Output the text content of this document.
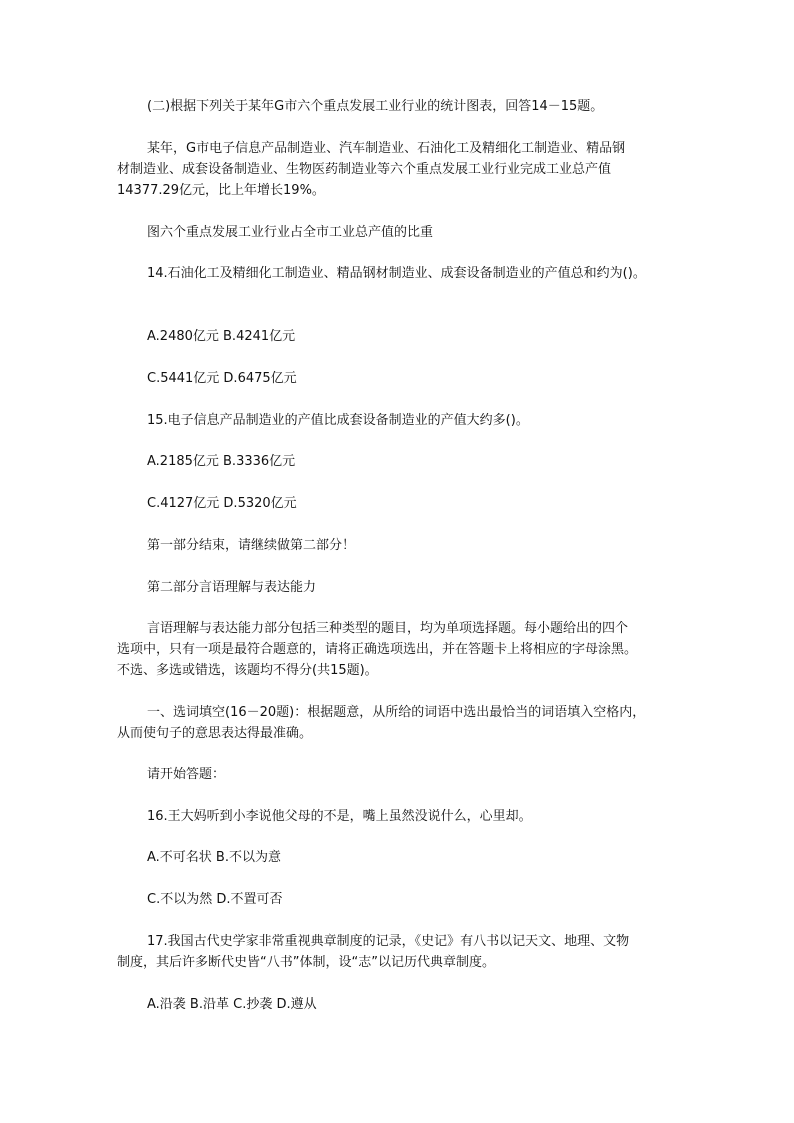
(二)根据下列关于某年G市六个重点发展工业行业的统计图表，回答14－15题。
某年，G市电子信息产品制造业、汽车制造业、石油化工及精细化工制造业、精品钢
材制造业、成套设备制造业、生物医药制造业等六个重点发展工业行业完成工业总产值
14377.29亿元，比上年增长19%。
图六个重点发展工业行业占全市工业总产值的比重
14.石油化工及精细化工制造业、精品钢材制造业、成套设备制造业的产值总和约为()。
A.2480亿元 B.4241亿元
C.5441亿元 D.6475亿元
15.电子信息产品制造业的产值比成套设备制造业的产值大约多()。
A.2185亿元 B.3336亿元
C.4127亿元 D.5320亿元
第一部分结束，请继续做第二部分！
第二部分言语理解与表达能力
言语理解与表达能力部分包括三种类型的题目，均为单项选择题。每小题给出的四个
选项中，只有一项是最符合题意的，请将正确选项选出，并在答题卡上将相应的字母涂黑。
不选、多选或错选，该题均不得分(共15题)。
一、选词填空(16－20题)：根据题意，从所给的词语中选出最恰当的词语填入空格内，
从而使句子的意思表达得最准确。
请开始答题：
16.王大妈听到小李说他父母的不是，嘴上虽然没说什么，心里却。
A.不可名状 B.不以为意
C.不以为然 D.不置可否
17.我国古代史学家非常重视典章制度的记录，《史记》有八书以记天文、地理、文物
制度，其后许多断代史皆“八书”体制，设“志”以记历代典章制度。
A.沿袭 B.沿革 C.抄袭 D.遵从
